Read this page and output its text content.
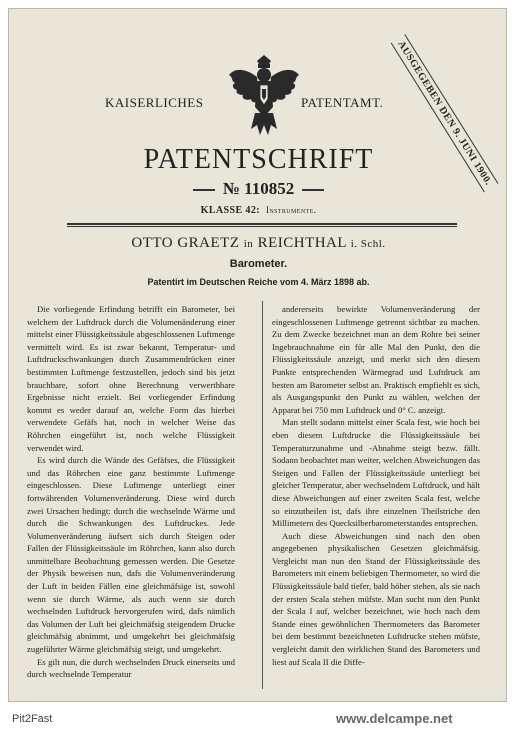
KAISERLICHES	PATENTAMT.	AUSGEGEBEN DEN 9. JUNI 1900.
PATENTSCHRIFT
№ 110852
KLASSE 42: Instrumente.
OTTO GRAETZ in REICHTHAL i. Schl.
Barometer.
Patentirt im Deutschen Reiche vom 4. März 1898 ab.

Die vorliegende Erfindung betrifft ein Barometer, bei welchem der Luftdruck durch die Volumenänderung einer mittelst einer Flüssigkeitssäule abgeschlossenen Luftmenge vermittelt wird. Es ist zwar bekannt, Temperatur- und Luftdruckschwankungen durch Zusammendrücken einer bestimmten Luftmenge festzustellen, jedoch sind bis jetzt brauchbare, sofort ohne Berechnung verwerthbare Ergebnisse nicht erzielt. Bei vorliegender Erfindung kommt es weder darauf an, welche Form das hierbei verwendete Gefäfs hat, noch in welcher Weise das Röhrchen eingeführt ist, noch welche Flüssigkeit verwendet wird.

Es wird durch die Wände des Gefäfses, die Flüssigkeit und das Röhrchen eine ganz bestimmte Luftmenge eingeschlossen. Diese Luftmenge unterliegt einer fortwährenden Volumenveränderung. Diese wird durch zwei Ursachen bedingt: durch die wechselnde Wärme und durch die Schwankungen des Luftdruckes. Jede Volumenveränderung äufsert sich durch Steigen oder Fallen der Flüssigkeitssäule im Röhrchen, kann also durch unmittelbare Beobachtung gemessen werden. Die Gesetze der Physik beweisen nun, dafs die Volumenveränderung der Luft in beiden Fällen eine gleichmäfsige ist, sowohl wenn sie durch Wärme, als auch wenn sie durch wechselnden Luftdruck hervorgerufen wird, dafs nämlich das Volumen der Luft bei gleichmäfsig steigendem Drucke gleichmäfsig abnimmt, und umgekehrt bei gleichmäfsig zugeführter Wärme gleichmäfsig steigt, und umgekehrt.

Es gilt nun, die durch wechselnden Druck einerseits und durch wechselnde Temperatur

andererseits bewirkte Volumenveränderung der eingeschlossenen Luftmenge getrennt sichtbar zu machen. Zu dem Zwecke bezeichnet man an dem Rohre bei seiner Ingebrauchnahme ein für alle Mal den Punkt, den die Flüssigkeitssäule anzeigt, und merkt sich den diesem Punkte entsprechenden Wärmegrad und Luftdruck am besten am Barometer selbst an. Praktisch empfiehlt es sich, als Ausgangspunkt den Punkt zu wählen, welchen der Apparat bei 750 mm Luftdruck und 0° C. anzeigt.

Man stellt sodann mittelst einer Scala fest, wie hoch bei eben diesem Luftdrucke die Flüssigkeitssäule bei Temperaturzunahme und -Abnahme steigt bezw. fällt. Sodann beobachtet man weiter, welchen Abweichungen das Steigen und Fallen der Flüssigkeitssäule unterliegt bei gleicher Temperatur, aber wechselndem Luftdruck, und hält diese Abweichungen auf einer zweiten Scala fest, welche so einzutheilen ist, dafs ihre einzelnen Theilstriche den Millimetern des Quecksilberbarometerstandes entsprechen.

Auch diese Abweichungen sind nach den oben angegebenen physikalischen Gesetzen gleichmäfsig. Vergleicht man nun den Stand der Flüssigkeitssäule des Barometers mit einem beliebigen Thermometer, so wird die Flüssigkeitssäule bald tiefer, bald höher stehen, als sie nach der ersten Scala stehen müfste. Man sucht nun den Punkt der Scala I auf, welcher bezeichnet, wie hoch nach dem Stande eines gewöhnlichen Thermometers das Barometer bei dem bestimmt bezeichneten Luftdrucke stehen müfste, vergleicht damit den wirklichen Stand des Barometers und liest auf Scala II die Diffe-

Pit2Fast	www.delcampe.net
